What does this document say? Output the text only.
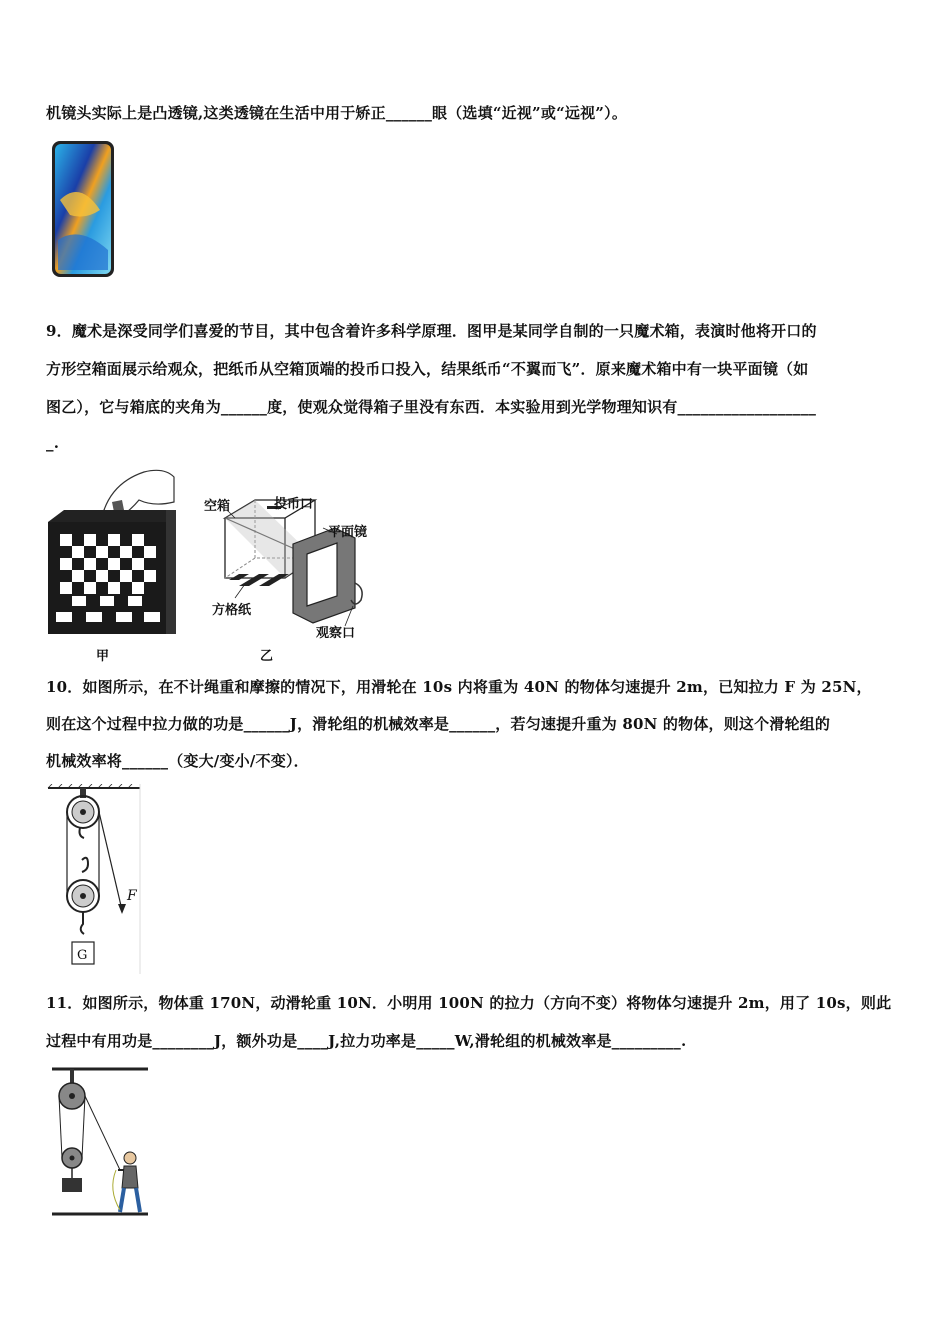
机镜头实际上是凸透镜,这类透镜在生活中用于矫正______眼（选填“近视”或“远视”）。
9．魔术是深受同学们喜爱的节目，其中包含着许多科学原理．图甲是某同学自制的一只魔术箱，表演时他将开口的
方形空箱面展示给观众，把纸币从空箱顶端的投币口投入，结果纸币“不翼而飞”．原来魔术箱中有一块平面镜（如
图乙），它与箱底的夹角为______度，使观众觉得箱子里没有东西．本实验用到光学物理知识有__________________
_.
甲
空箱	投币口
平面镜
方格纸
观察口
乙
10．如图所示，在不计绳重和摩擦的情况下，用滑轮在 10s 内将重为 40N 的物体匀速提升 2m，已知拉力 F 为 25N，
则在这个过程中拉力做的功是______J，滑轮组的机械效率是______，若匀速提升重为 80N 的物体，则这个滑轮组的
机械效率将______（变大/变小/不变）．
F
G
11．如图所示，物体重 170N，动滑轮重 10N．小明用 100N 的拉力（方向不变）将物体匀速提升 2m，用了 10s，则此
过程中有用功是________J，额外功是____J,拉力功率是_____W,滑轮组的机械效率是_________.
